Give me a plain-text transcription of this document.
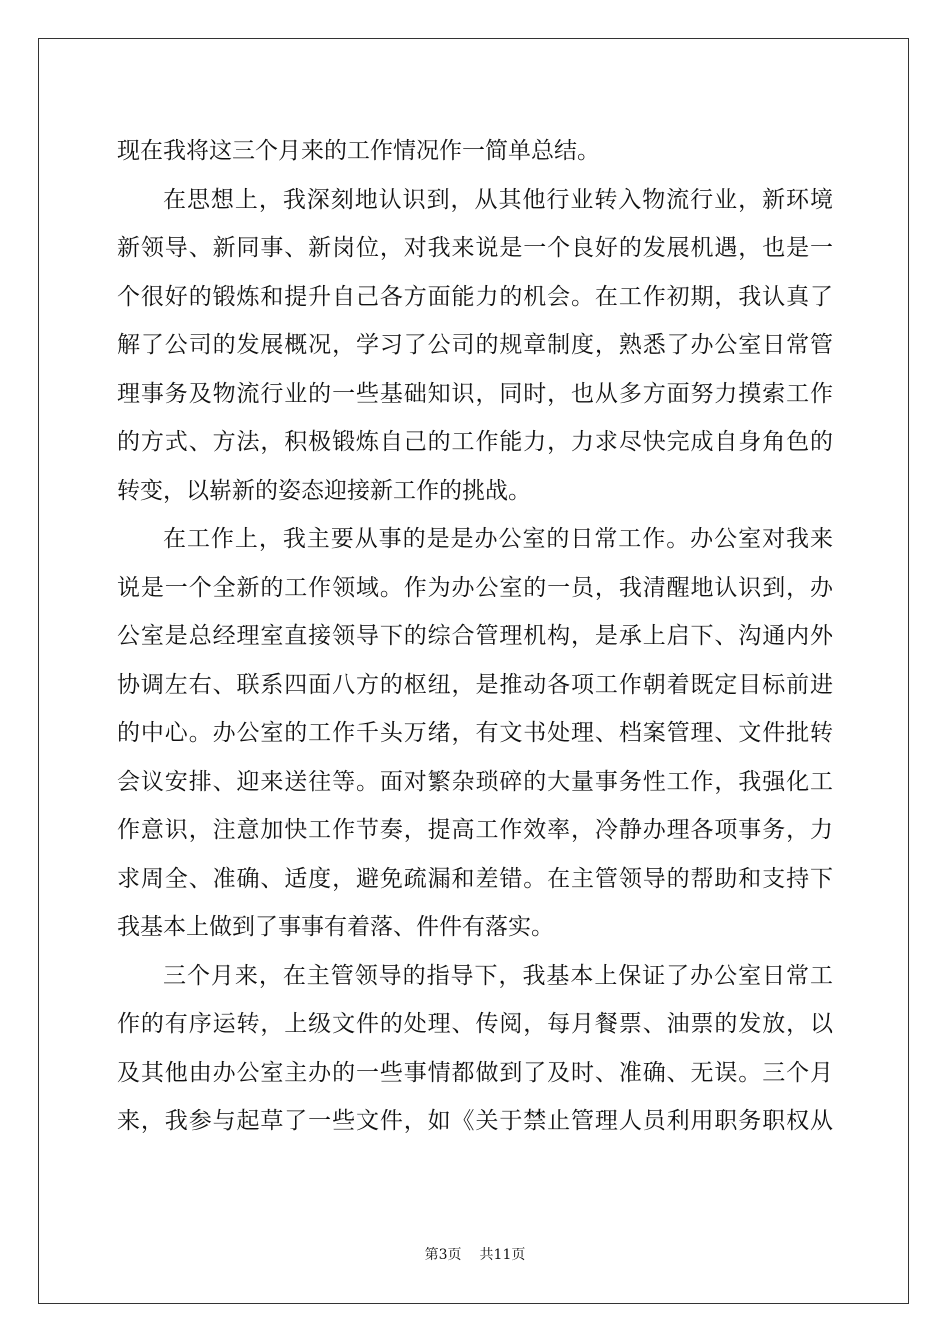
现在我将这三个月来的工作情况作一简单总结。
在思想上，我深刻地认识到，从其他行业转入物流行业，新环境
新领导、新同事、新岗位，对我来说是一个良好的发展机遇，也是一
个很好的锻炼和提升自己各方面能力的机会。在工作初期，我认真了
解了公司的发展概况，学习了公司的规章制度，熟悉了办公室日常管
理事务及物流行业的一些基础知识，同时，也从多方面努力摸索工作
的方式、方法，积极锻炼自己的工作能力，力求尽快完成自身角色的
转变，以崭新的姿态迎接新工作的挑战。
在工作上，我主要从事的是是办公室的日常工作。办公室对我来
说是一个全新的工作领域。作为办公室的一员，我清醒地认识到，办
公室是总经理室直接领导下的综合管理机构，是承上启下、沟通内外
协调左右、联系四面八方的枢纽，是推动各项工作朝着既定目标前进
的中心。办公室的工作千头万绪，有文书处理、档案管理、文件批转
会议安排、迎来送往等。面对繁杂琐碎的大量事务性工作，我强化工
作意识，注意加快工作节奏，提高工作效率，冷静办理各项事务，力
求周全、准确、适度，避免疏漏和差错。在主管领导的帮助和支持下
我基本上做到了事事有着落、件件有落实。
三个月来，在主管领导的指导下，我基本上保证了办公室日常工
作的有序运转，上级文件的处理、传阅，每月餐票、油票的发放，以
及其他由办公室主办的一些事情都做到了及时、准确、无误。三个月
来，我参与起草了一些文件，如《关于禁止管理人员利用职务职权从
第3页 共11页
